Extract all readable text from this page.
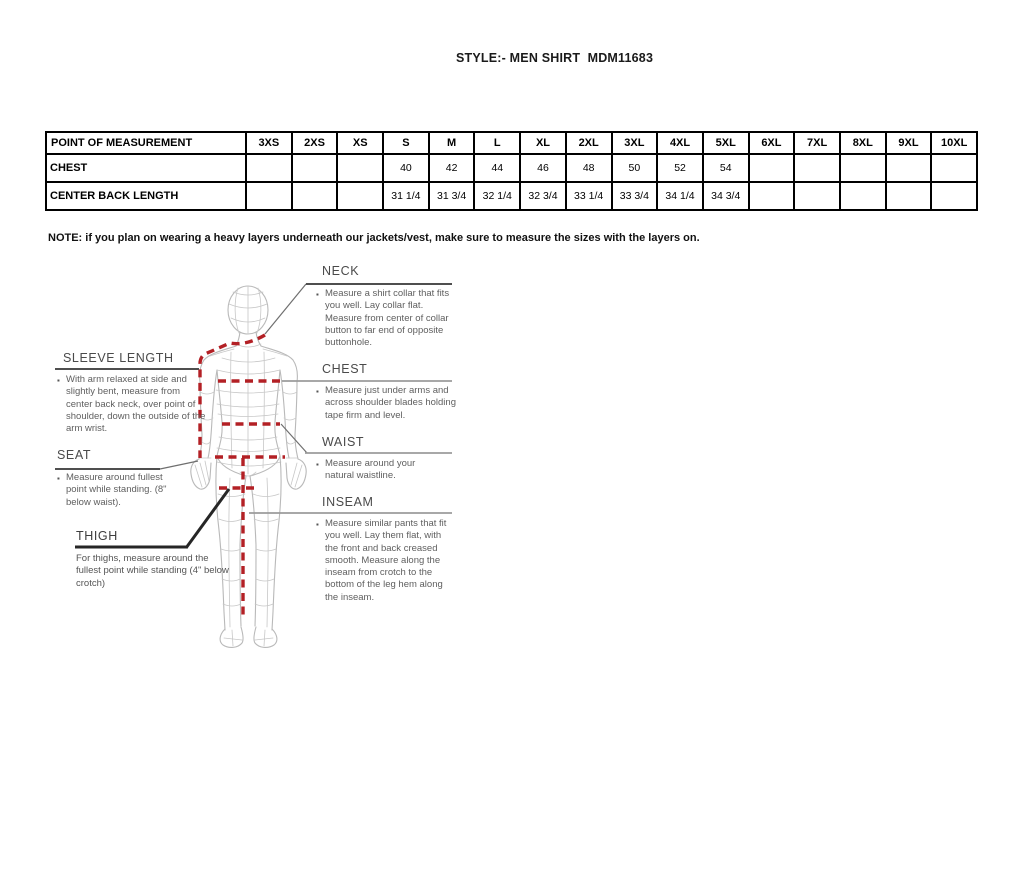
STYLE:- MEN SHIRT  MDM11683
POINT OF MEASUREMENT	3XS	2XS	XS	S	M	L	XL	2XL	3XL	4XL	5XL	6XL	7XL	8XL	9XL	10XL
CHEST				40	42	44	46	48	50	52	54					
CENTER BACK LENGTH				31 1/4	31 3/4	32 1/4	32 3/4	33 1/4	33 3/4	34 1/4	34 3/4					
NOTE: if you plan on wearing a heavy layers underneath our jackets/vest, make sure to measure the sizes with the layers on.
NECK
▪ Measure a shirt collar that fits you well. Lay collar flat. Measure from center of collar button to far end of opposite buttonhole.
CHEST
▪ Measure just under arms and across shoulder blades holding tape firm and level.
WAIST
▪ Measure around your natural waistline.
INSEAM
▪ Measure similar pants that fit you well. Lay them flat, with the front and back creased smooth. Measure along the inseam from crotch to the bottom of the leg hem along the inseam.
SLEEVE LENGTH
▪ With arm relaxed at side and slightly bent, measure from center back neck, over point of shoulder, down the outside of the arm wrist.
SEAT
▪ Measure around fullest point while standing. (8" below waist).
THIGH
For thighs, measure around the fullest point while standing (4" below crotch)
